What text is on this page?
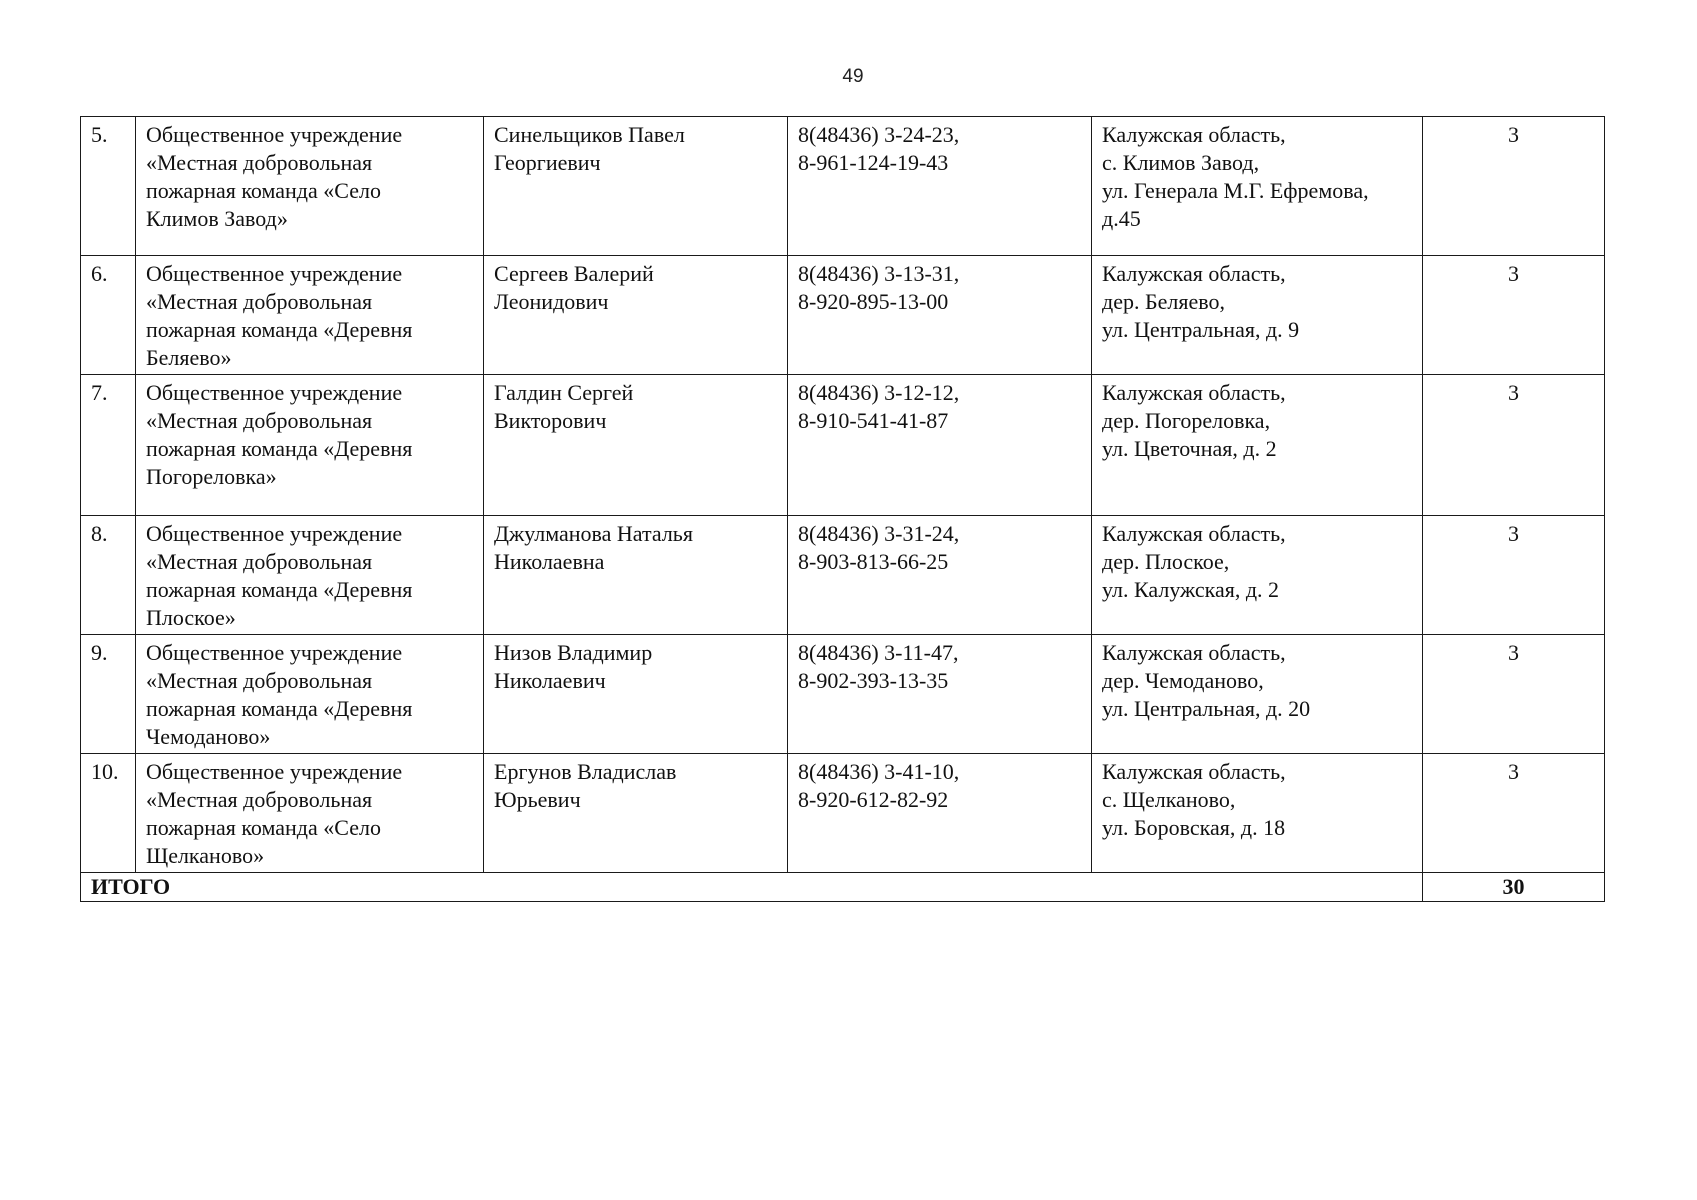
49
5.	Общественное учреждение
«Местная добровольная
пожарная команда «Село
Климов Завод»	Синельщиков Павел
Георгиевич	8(48436) 3-24-23,
8-961-124-19-43	Калужская область,
с. Климов Завод,
ул. Генерала М.Г. Ефремова,
д.45	3
6.	Общественное учреждение
«Местная добровольная
пожарная команда «Деревня
Беляево»	Сергеев Валерий
Леонидович	8(48436) 3-13-31,
8-920-895-13-00	Калужская область,
дер. Беляево,
ул. Центральная, д. 9	3
7.	Общественное учреждение
«Местная добровольная
пожарная команда «Деревня
Погореловка»	Галдин Сергей
Викторович	8(48436) 3-12-12,
8-910-541-41-87	Калужская область,
дер. Погореловка,
ул. Цветочная, д. 2	3
8.	Общественное учреждение
«Местная добровольная
пожарная команда «Деревня
Плоское»	Джулманова Наталья
Николаевна	8(48436) 3-31-24,
8-903-813-66-25	Калужская область,
дер. Плоское,
ул. Калужская, д. 2	3
9.	Общественное учреждение
«Местная добровольная
пожарная команда «Деревня
Чемоданово»	Низов Владимир
Николаевич	8(48436) 3-11-47,
8-902-393-13-35	Калужская область,
дер. Чемоданово,
ул. Центральная, д. 20	3
10.	Общественное учреждение
«Местная добровольная
пожарная команда «Село
Щелканово»	Ергунов Владислав
Юрьевич	8(48436) 3-41-10,
8-920-612-82-92	Калужская область,
с. Щелканово,
ул. Боровская, д. 18	3
ИТОГО					30
